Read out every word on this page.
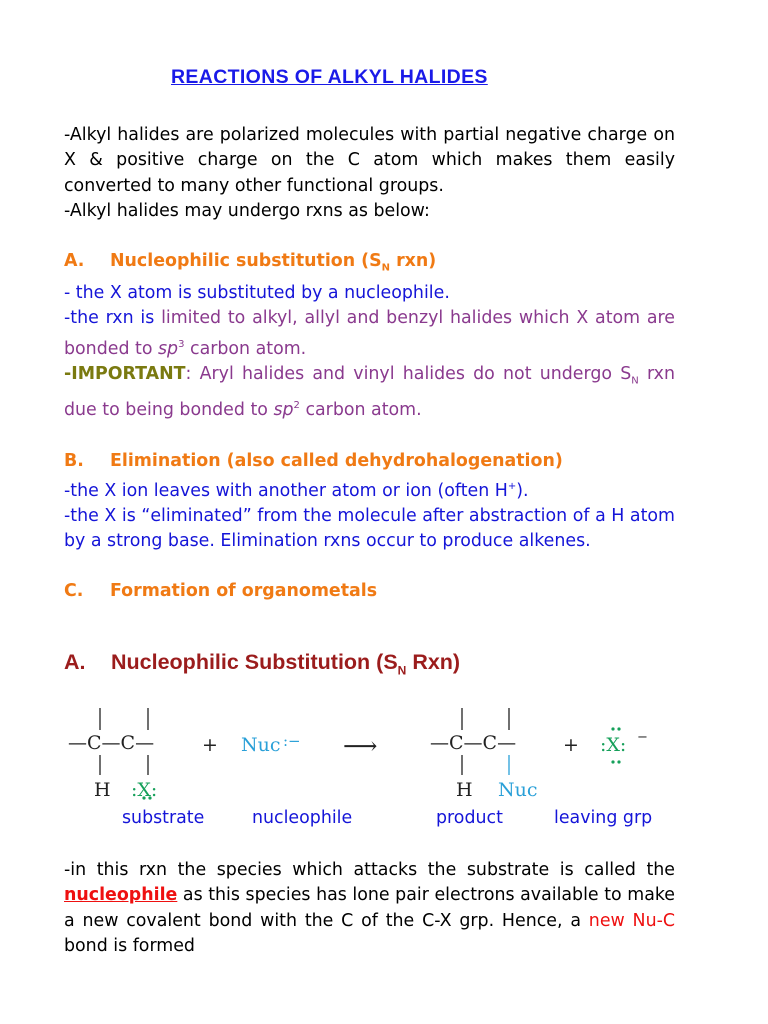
REACTIONS OF ALKYL HALIDES

-Alkyl halides are polarized molecules with partial negative charge on X & positive charge on the C atom which makes them easily converted to many other functional groups.

-Alkyl halides may undergo rxns as below:

A. Nucleophilic substitution ($S_N$ rxn)

- the X atom is substituted by a nucleophile.

-the rxn is limited to alkyl, allyl and benzyl halides which X atom are bonded to $sp^3$ carbon atom.

-IMPORTANT: Aryl halides and vinyl halides do not undergo $S_N$ rxn due to being bonded to $sp^2$ carbon atom.

B. Elimination (also called dehydrohalogenation)

-the X ion leaves with another atom or ion (often H+).

-the X is “eliminated” from the molecule after abstraction of a H atom by a strong base. Elimination rxns occur to produce alkenes.

C. Formation of organometals
A. Nucleophilic Substitution ($S_N$ Rxn)
—C—C—
H :X:
+ Nuc :− ⟶	—C—C—
H Nuc
+ :X: −
substrate	nucleophile	product	leaving grp

-in this rxn the species which attacks the substrate is called the nucleophile as this species has lone pair electrons available to make a new covalent bond with the C of the C-X grp. Hence, a new Nu-C bond is formed
